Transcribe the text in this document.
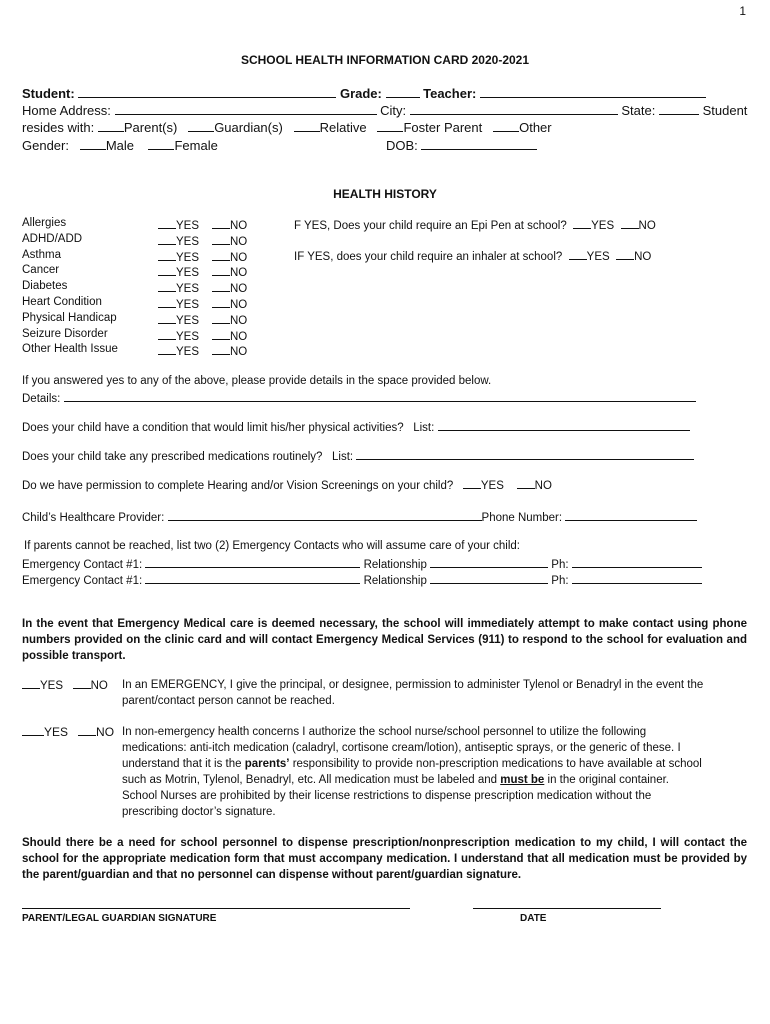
1
SCHOOL HEALTH INFORMATION CARD 2020-2021
Student:	Grade:	Teacher:
Home Address:	City:	State:	Student
resides with: Parent(s)	Guardian(s)	Relative	Foster Parent	Other
Gender:	Male	Female	DOB:
HEALTH HISTORY
Allergies	YES	NO
ADHD/ADD	YES	NO
Asthma	YES	NO
Cancer	YES	NO
Diabetes	YES	NO
Heart Condition	YES	NO
Physical Handicap	YES	NO
Seizure Disorder	YES	NO
Other Health Issue	YES	NO
F YES, Does your child require an Epi Pen at school? YES NO
IF YES, does your child require an inhaler at school? YES NO
If you answered yes to any of the above, please provide details in the space provided below.
Details:
Does your child have a condition that would limit his/her physical activities? List:
Does your child take any prescribed medications routinely? List:
Do we have permission to complete Hearing and/or Vision Screenings on your child? YES	NO
Child’s Healthcare Provider:	Phone Number:
If parents cannot be reached, list two (2) Emergency Contacts who will assume care of your child:
Emergency Contact #1:	Relationship	Ph:
Emergency Contact #1:	Relationship	Ph:
In the event that Emergency Medical care is deemed necessary, the school will immediately attempt to make contact using phone numbers provided on the clinic card and will contact Emergency Medical Services (911) to respond to the school for evaluation and possible transport.
YES NO In an EMERGENCY, I give the principal, or designee, permission to administer Tylenol or Benadryl in the event the parent/contact person cannot be reached.
YES NO In non-emergency health concerns I authorize the school nurse/school personnel to utilize the following medications: anti-itch medication (caladryl, cortisone cream/lotion), antiseptic sprays, or the generic of these. I understand that it is the parents’ responsibility to provide non-prescription medications to have available at school such as Motrin, Tylenol, Benadryl, etc. All medication must be labeled and must be in the original container. School Nurses are prohibited by their license restrictions to dispense prescription medication without the prescribing doctor’s signature.
Should there be a need for school personnel to dispense prescription/nonprescription medication to my child, I will contact the school for the appropriate medication form that must accompany medication. I understand that all medication must be provided by the parent/guardian and that no personnel can dispense without parent/guardian signature.
PARENT/LEGAL GUARDIAN SIGNATURE	DATE
